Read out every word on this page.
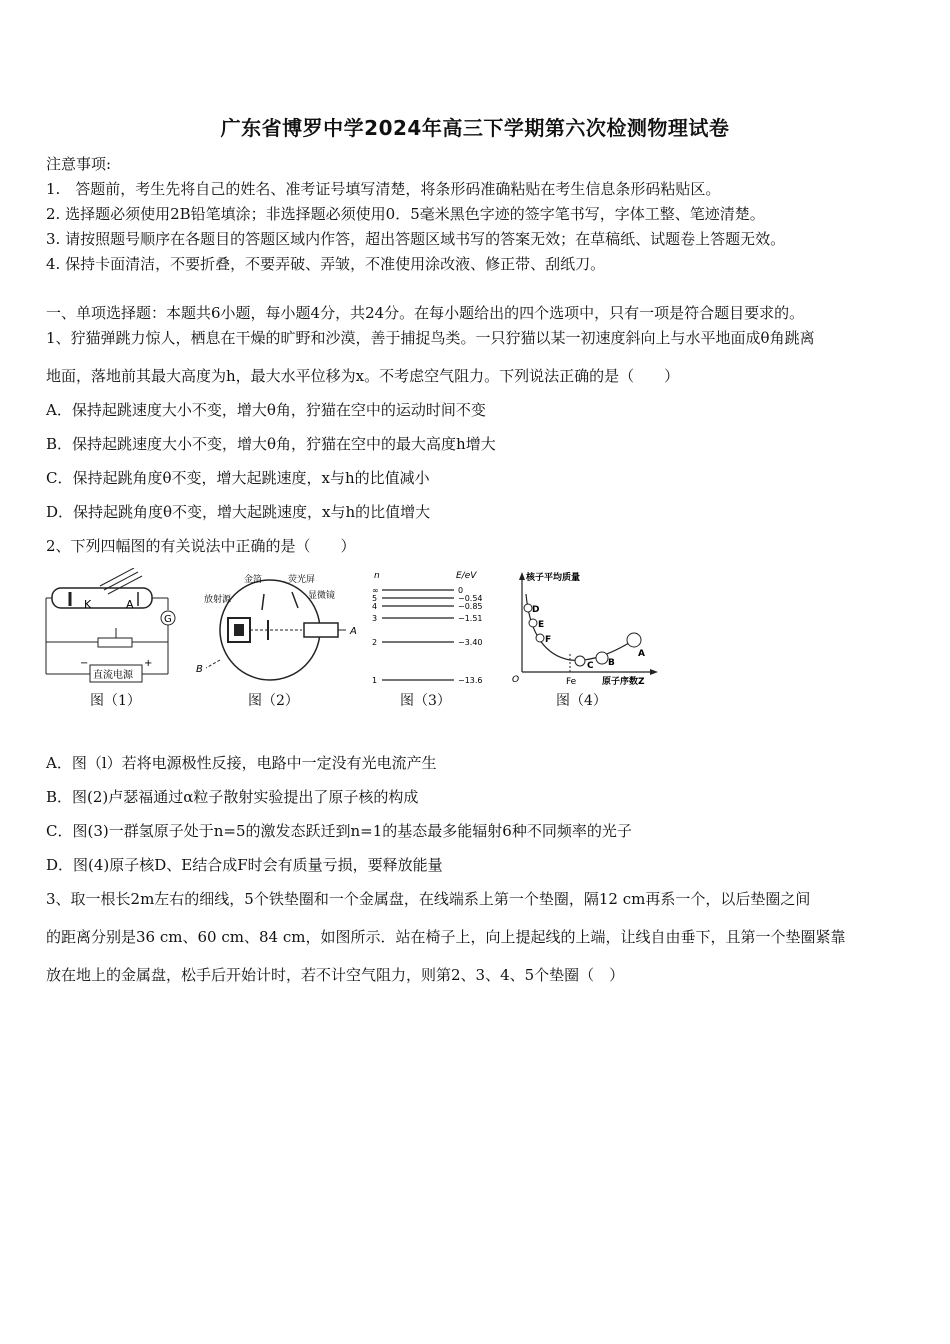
广东省博罗中学2024年高三下学期第六次检测物理试卷
注意事项:
1.　答题前，考生先将自己的姓名、准考证号填写清楚，将条形码准确粘贴在考生信息条形码粘贴区。
2. 选择题必须使用2B铅笔填涂；非选择题必须使用0．5毫米黑色字迹的签字笔书写，字体工整、笔迹清楚。
3. 请按照题号顺序在各题目的答题区域内作答，超出答题区域书写的答案无效；在草稿纸、试题卷上答题无效。
4. 保持卡面清洁，不要折叠，不要弄破、弄皱，不准使用涂改液、修正带、刮纸刀。
一、单项选择题：本题共6小题，每小题4分，共24分。在每小题给出的四个选项中，只有一项是符合题目要求的。
1、狞猫弹跳力惊人，栖息在干燥的旷野和沙漠，善于捕捉鸟类。一只狞猫以某一初速度斜向上与水平地面成θ角跳离
地面，落地前其最大高度为h，最大水平位移为x。不考虑空气阻力。下列说法正确的是（　　）
A．保持起跳速度大小不变，增大θ角，狞猫在空中的运动时间不变
B．保持起跳速度大小不变，增大θ角，狞猫在空中的最大高度h增大
C．保持起跳角度θ不变，增大起跳速度，x与h的比值减小
D．保持起跳角度θ不变，增大起跳速度，x与h的比值增大
2、下列四幅图的有关说法中正确的是（　　）
K	A
G
直流电源
−	+
图（1）
金箔
放射源
荧光屏
显微镜
A
B
图（2）
n	E/eV
∞	0
5	−0.54
4	−0.85
3	−1.51
2	−3.40
1	−13.6
图（3）
核子平均质量
原子序数Z
O	Fe
D
E
F
C B
A
图（4）
A．图（l）若将电源极性反接，电路中一定没有光电流产生
B．图(2)卢瑟福通过α粒子散射实验提出了原子核的构成
C．图(3)一群氢原子处于n=5的激发态跃迁到n=1的基态最多能辐射6种不同频率的光子
D．图(4)原子核D、E结合成F时会有质量亏损，要释放能量
3、取一根长2m左右的细线，5个铁垫圈和一个金属盘，在线端系上第一个垫圈，隔12 cm再系一个，以后垫圈之间
的距离分别是36 cm、60 cm、84 cm，如图所示．站在椅子上，向上提起线的上端，让线自由垂下，且第一个垫圈紧靠
放在地上的金属盘，松手后开始计时，若不计空气阻力，则第2、3、4、5个垫圈（　）
